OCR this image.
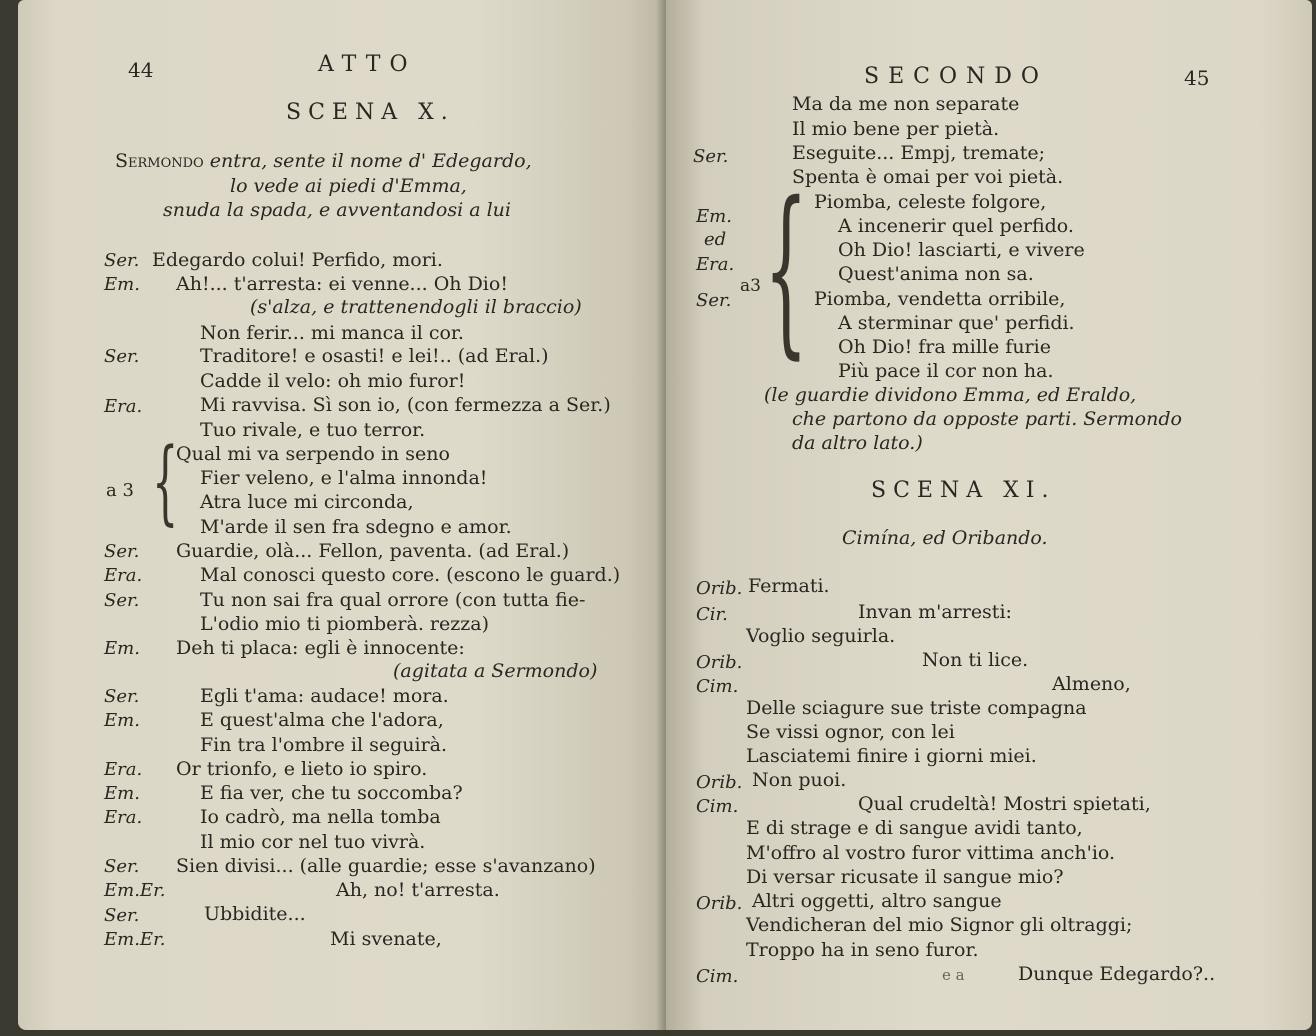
44	ATTO
SCENA X.
Sermondo entra, sente il nome d' Edegardo,
lo vede ai piedi d'Emma,
snuda la spada, e avventandosi a lui
Ser. Edegardo colui! Perfido, mori.
Em. Ah!... t'arresta: ei venne... Oh Dio!
(s'alza, e trattenendogli il braccio)
Non ferir... mi manca il cor.
Ser.	Traditore! e osasti! e lei!.. (ad Eral.)
Cadde il velo: oh mio furor!
Era.	Mi ravvisa. Sì son io, (con fermezza a Ser.)
Tuo rivale, e tuo terror.
{
Qual mi va serpendo in seno
a 3
Fier veleno, e l'alma innonda!
Atra luce mi circonda,
M'arde il sen fra sdegno e amor.
Ser. Guardie, olà... Fellon, paventa. (ad Eral.)
Era.	Mal conosci questo core. (escono le guard.)
Ser.	Tu non sai fra qual orrore (con tutta fie-
L'odio mio ti piomberà. rezza)
Em. Deh ti placa: egli è innocente:
(agitata a Sermondo)
Ser.	Egli t'ama: audace! mora.
Em.	E quest'alma che l'adora,
Fin tra l'ombre il seguirà.
Era. Or trionfo, e lieto io spiro.
Em.	E fia ver, che tu soccomba?
Era.	Io cadrò, ma nella tomba
Il mio cor nel tuo vivrà.
Ser. Sien divisi... (alle guardie; esse s'avanzano)
Em.Er.	Ah, no! t'arresta.
Ser.	Ubbidite...
Em.Er.	Mi svenate,
SECONDO	45
Ma da me non separate
Il mio bene per pietà.
Ser.	Eseguite... Empj, tremate;
Spenta è omai per voi pietà.
Em.
ed
Era.
Ser.
a3 { Piomba, celeste folgore,
A incenerir quel perfido.
Oh Dio! lasciarti, e vivere
Quest'anima non sa.
Piomba, vendetta orribile,
A sterminar que' perfidi.
Oh Dio! fra mille furie
Più pace il cor non ha.
(le guardie dividono Emma, ed Eraldo,
che partono da opposte parti. Sermondo
da altro lato.)
SCENA XI.
Cimína, ed Oribando.
Orib. Fermati.
Cir.	Invan m'arresti:
Voglio seguirla.
Orib.	Non ti lice.
Cim.	Almeno,
Delle sciagure sue triste compagna
Se vissi ognor, con lei
Lasciatemi finire i giorni miei.
Orib. Non puoi.
Cim.	Qual crudeltà! Mostri spietati,
E di strage e di sangue avidi tanto,
M'offro al vostro furor vittima anch'io.
Di versar ricusate il sangue mio?
Orib. Altri oggetti, altro sangue
Vendicheran del mio Signor gli oltraggi;
Troppo ha in seno furor.
Cim.	e a	Dunque Edegardo?..
